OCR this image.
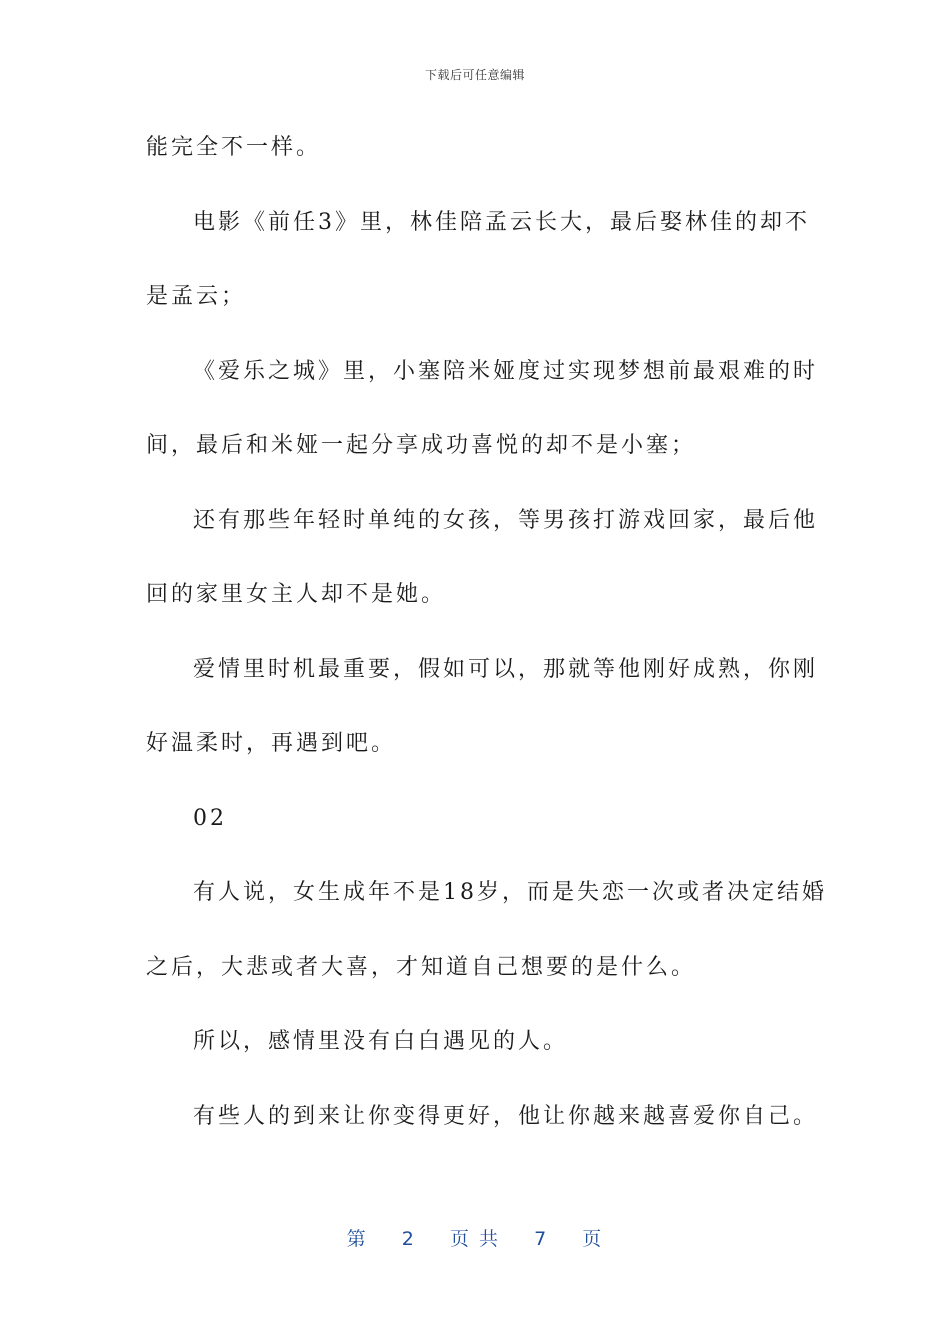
下载后可任意编辑
能完全不一样。
电影《前任3》里，林佳陪孟云长大，最后娶林佳的却不
是孟云；
《爱乐之城》里，小塞陪米娅度过实现梦想前最艰难的时
间，最后和米娅一起分享成功喜悦的却不是小塞；
还有那些年轻时单纯的女孩，等男孩打游戏回家，最后他
回的家里女主人却不是她。
爱情里时机最重要，假如可以，那就等他刚好成熟，你刚
好温柔时，再遇到吧。
02
有人说，女生成年不是18岁，而是失恋一次或者决定结婚
之后，大悲或者大喜，才知道自己想要的是什么。
所以，感情里没有白白遇见的人。
有些人的到来让你变得更好，他让你越来越喜爱你自己。
第 2 页 共 7 页
